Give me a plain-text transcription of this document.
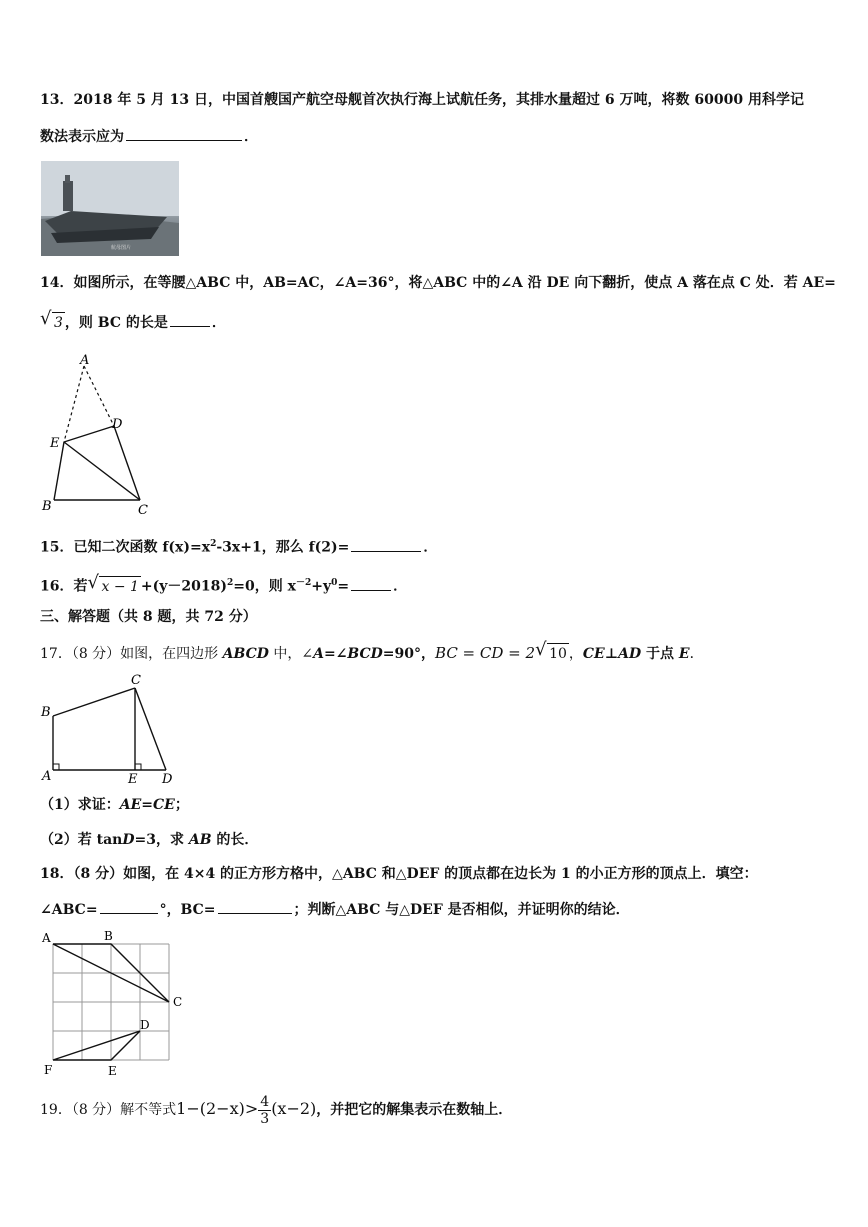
13．2018 年 5 月 13 日，中国首艘国产航空母舰首次执行海上试航任务，其排水量超过 6 万吨，将数 60000 用科学记
数法表示应为	．
航母图片
14．如图所示，在等腰△ABC 中，AB=AC，∠A=36°，将△ABC 中的∠A 沿 DE 向下翻折，使点 A 落在点 C 处．若 AE=
√ 3 ，则 BC 的长是	．
A
D
E
B	C
15．已知二次函数 $f(x)=x^2-3x+1$，那么 f(2)=	．
16．若 √ $x - 1 +(y-2018)^2=0$，则 $x^{-2}+y^0=$	．
三、解答题（共 8 题，共 72 分）
17．（8 分）如图，在四边形 ABCD 中，∠A=∠BCD=90°，BC = CD = 2 √ 10 ，CE⊥AD 于点 E．
A
B
C
D
E
（1）求证：AE=CE；
（2）若 tanD=3，求 AB 的长．
18．（8 分）如图，在 4×4 的正方形方格中，△ABC 和△DEF 的顶点都在边长为 1 的小正方形的顶点上．填空：
∠ABC=	°，BC=	；判断△ABC 与△DEF 是否相似，并证明你的结论．
A	B
C
D
E
F
19．（8 分）解不等式$1-(2-x)> \frac{4}{3} (x-2)$，并把它的解集表示在数轴上．
